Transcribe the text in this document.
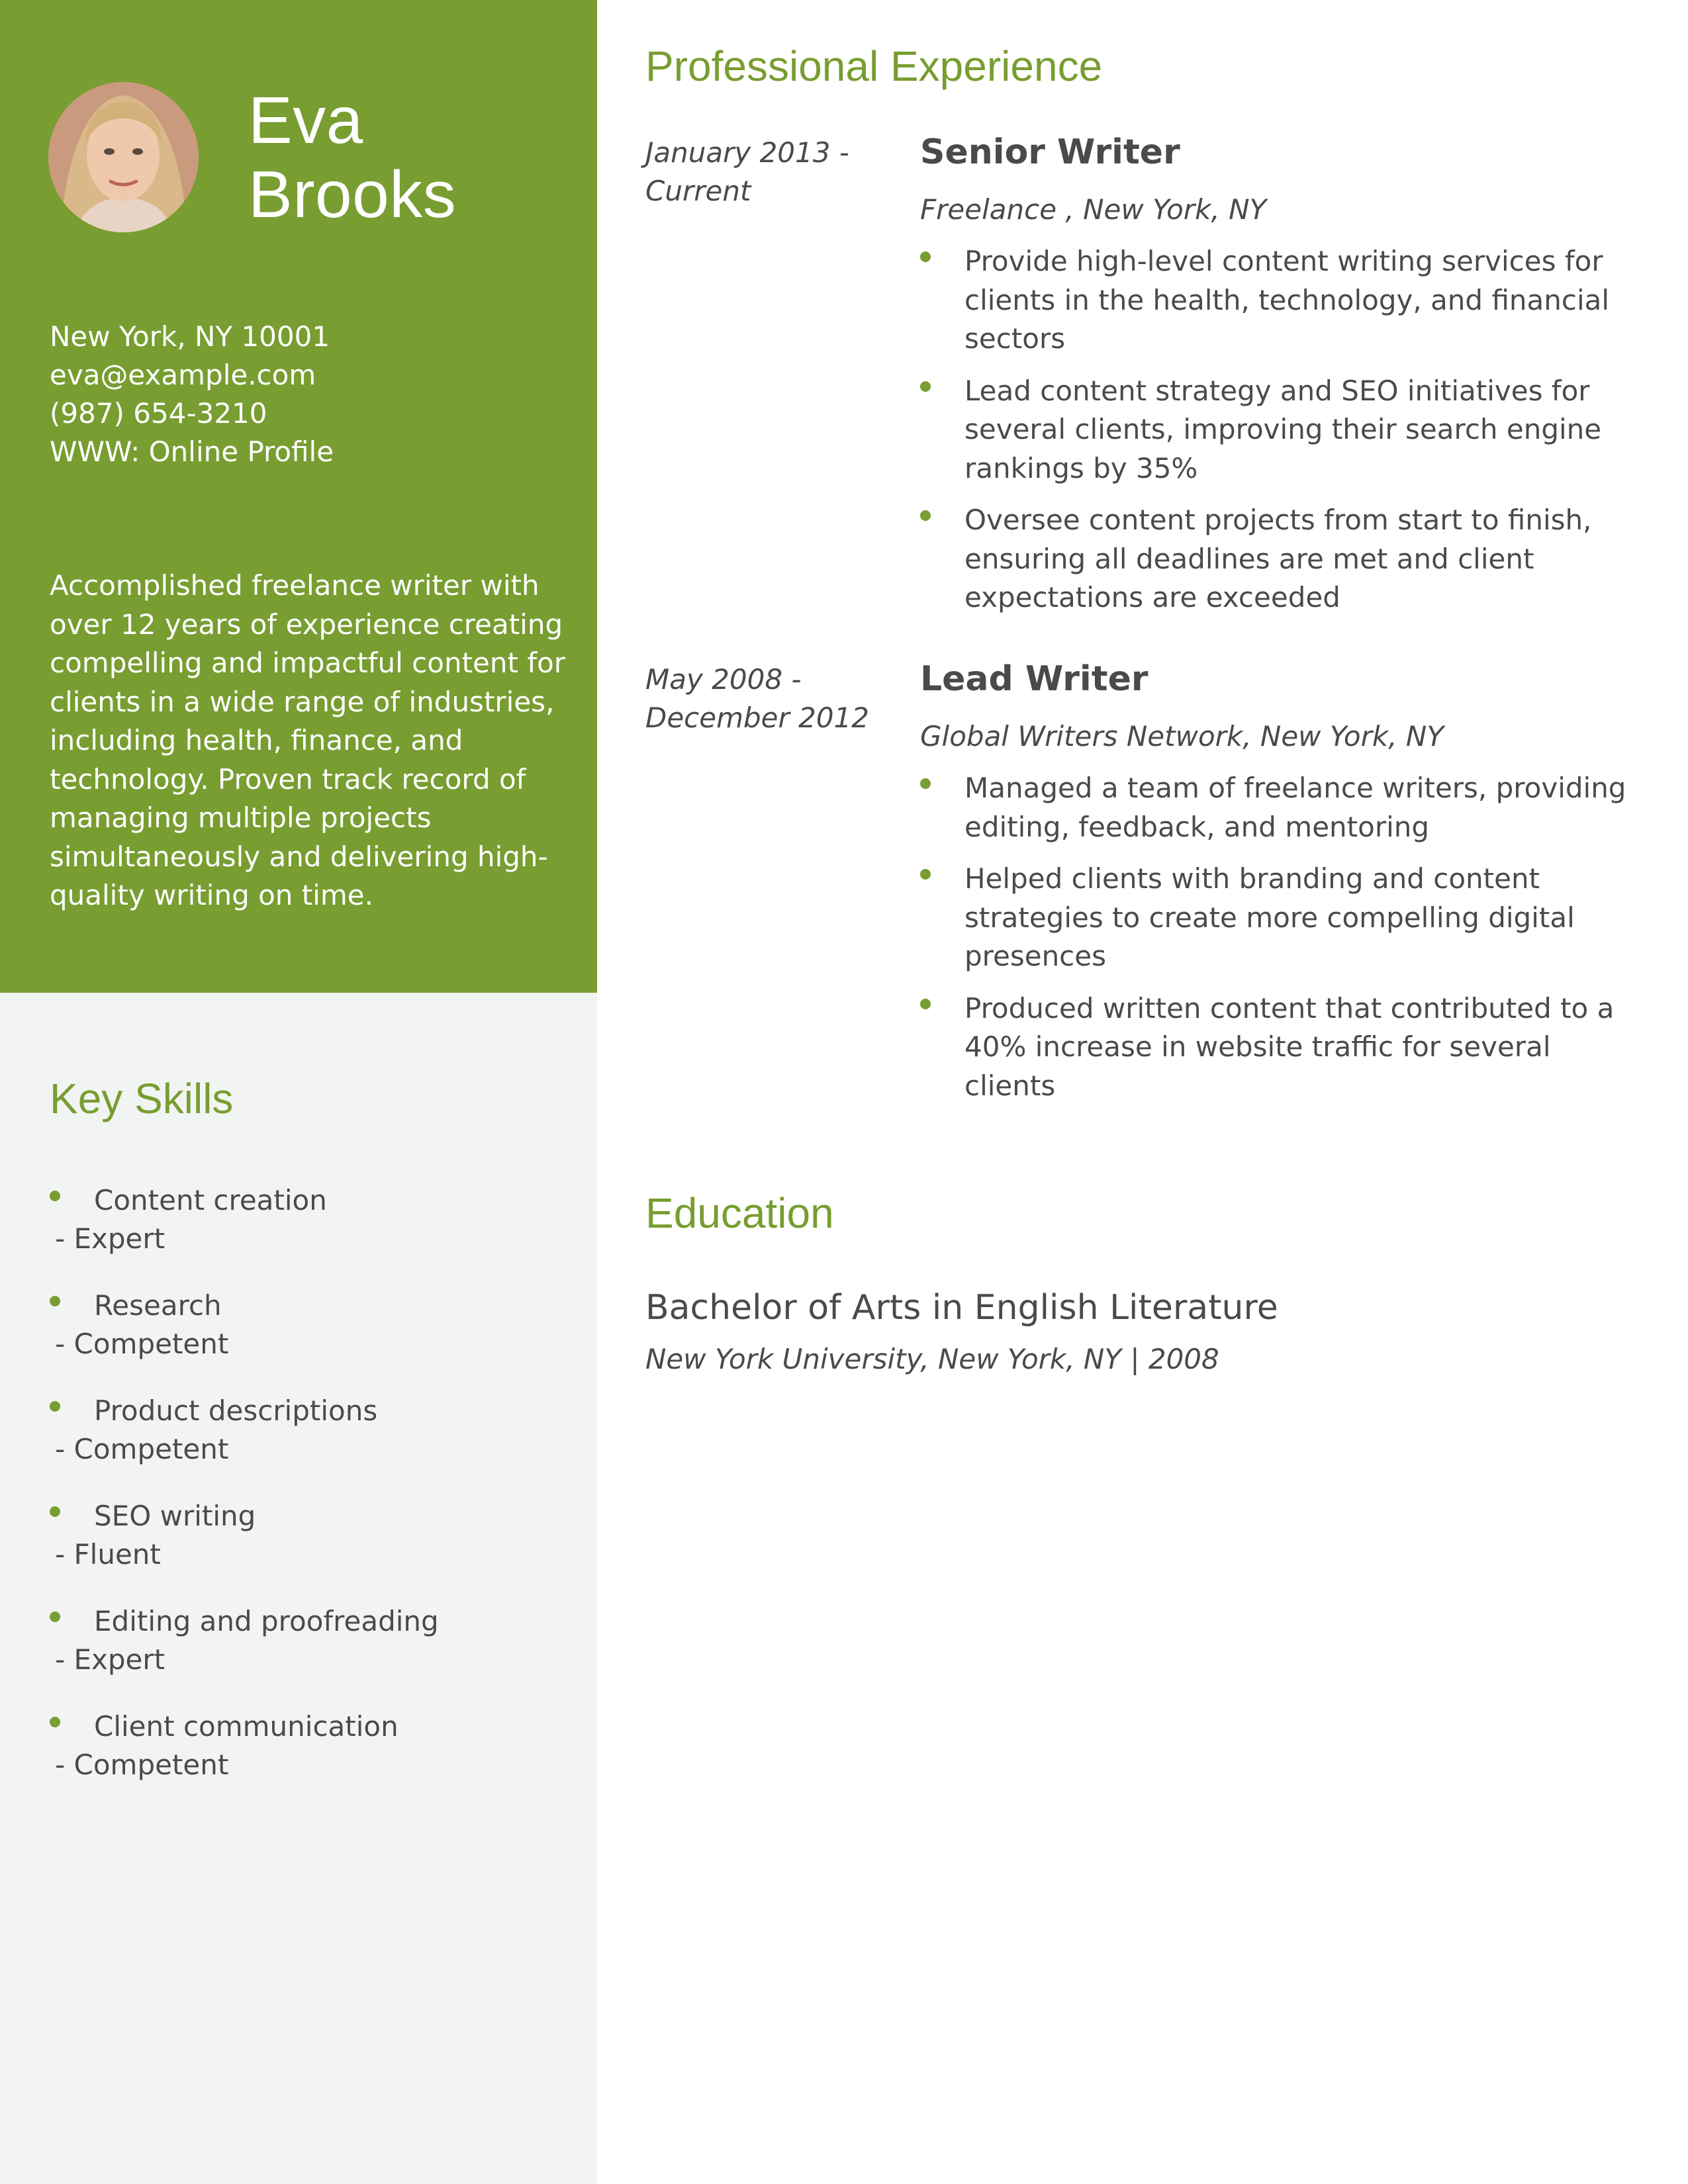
Eva
Brooks
New York, NY 10001
eva@example.com
(987) 654-3210
WWW: Online Profile
Accomplished freelance writer with over 12 years of experience creating compelling and impactful content for clients in a wide range of industries, including health, finance, and technology. Proven track record of managing multiple projects simultaneously and delivering high-quality writing on time.
Key Skills
Content creation
- Expert
Research
- Competent
Product descriptions
- Competent
SEO writing
- Fluent
Editing and proofreading
- Expert
Client communication
- Competent
Professional Experience
January 2013 - Current
Senior Writer
Freelance , New York, NY
Provide high-level content writing services for clients in the health, technology, and financial sectors
Lead content strategy and SEO initiatives for several clients, improving their search engine rankings by 35%
Oversee content projects from start to finish, ensuring all deadlines are met and client expectations are exceeded
May 2008 - December 2012
Lead Writer
Global Writers Network, New York, NY
Managed a team of freelance writers, providing editing, feedback, and mentoring
Helped clients with branding and content strategies to create more compelling digital presences
Produced written content that contributed to a 40% increase in website traffic for several clients
Education
Bachelor of Arts in English Literature
New York University, New York, NY | 2008
